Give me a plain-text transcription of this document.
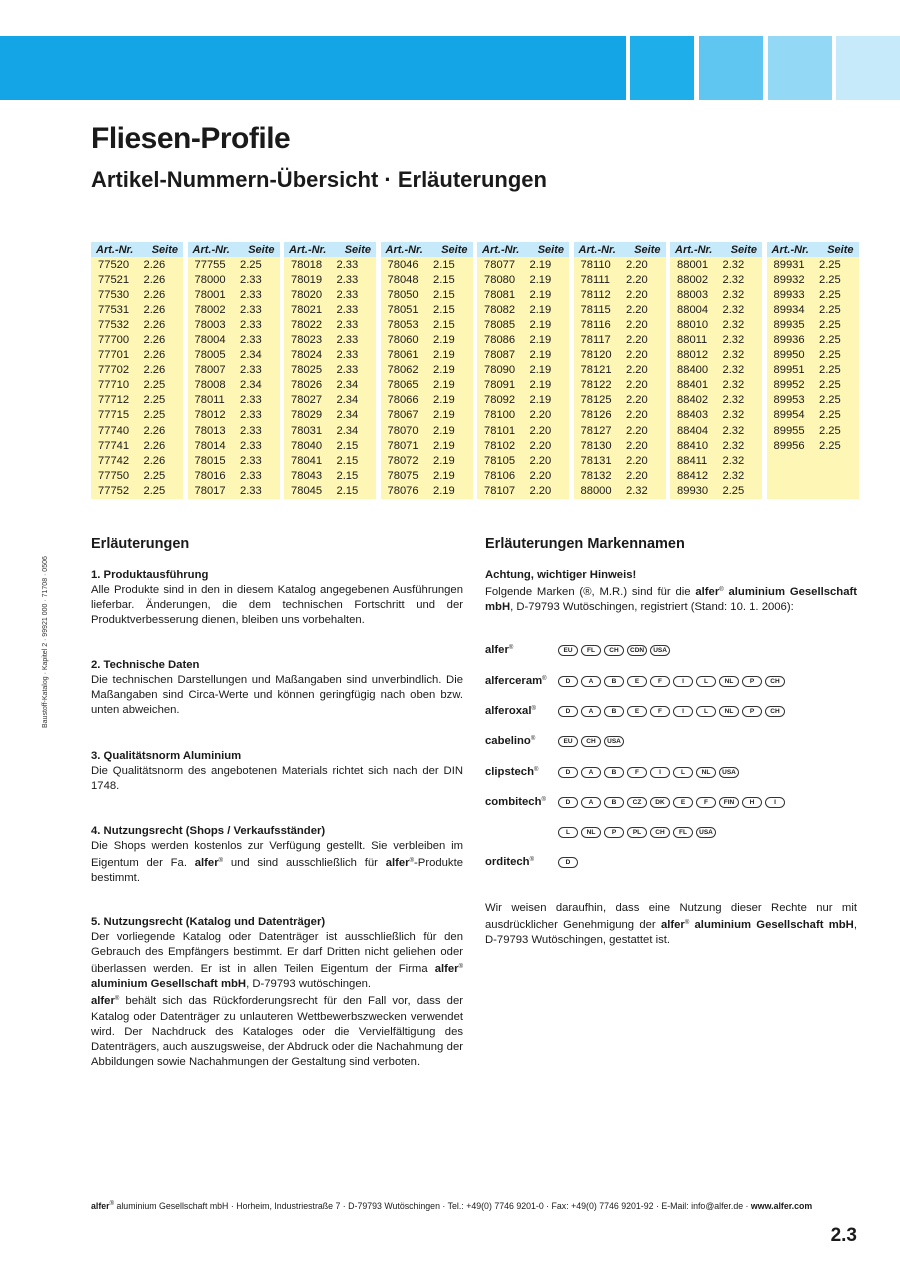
Fliesen-Profile
Artikel-Nummern-Übersicht · Erläuterungen
Art.-Nr. Seite
77520	2.26
77521	2.26
77530	2.26
77531	2.26
77532	2.26
77700	2.26
77701	2.26
77702	2.26
77710	2.25
77712	2.25
77715	2.25
77740	2.26
77741	2.26
77742	2.26
77750	2.25
77752	2.25
Art.-Nr. Seite
77755	2.25
78000	2.33
78001	2.33
78002	2.33
78003	2.33
78004	2.33
78005	2.34
78007	2.33
78008	2.34
78011	2.33
78012	2.33
78013	2.33
78014	2.33
78015	2.33
78016	2.33
78017	2.33
Art.-Nr. Seite
78018	2.33
78019	2.33
78020	2.33
78021	2.33
78022	2.33
78023	2.33
78024	2.33
78025	2.33
78026	2.34
78027	2.34
78029	2.34
78031	2.34
78040	2.15
78041	2.15
78043	2.15
78045	2.15
Art.-Nr. Seite
78046	2.15
78048	2.15
78050	2.15
78051	2.15
78053	2.15
78060	2.19
78061	2.19
78062	2.19
78065	2.19
78066	2.19
78067	2.19
78070	2.19
78071	2.19
78072	2.19
78075	2.19
78076	2.19
Art.-Nr. Seite
78077	2.19
78080	2.19
78081	2.19
78082	2.19
78085	2.19
78086	2.19
78087	2.19
78090	2.19
78091	2.19
78092	2.19
78100	2.20
78101	2.20
78102	2.20
78105	2.20
78106	2.20
78107	2.20
Art.-Nr. Seite
78110	2.20
78111	2.20
78112	2.20
78115	2.20
78116	2.20
78117	2.20
78120	2.20
78121	2.20
78122	2.20
78125	2.20
78126	2.20
78127	2.20
78130	2.20
78131	2.20
78132	2.20
88000	2.32
Art.-Nr. Seite
88001	2.32
88002	2.32
88003	2.32
88004	2.32
88010	2.32
88011	2.32
88012	2.32
88400	2.32
88401	2.32
88402	2.32
88403	2.32
88404	2.32
88410	2.32
88411	2.32
88412	2.32
89930	2.25
Art.-Nr. Seite
89931	2.25
89932	2.25
89933	2.25
89934	2.25
89935	2.25
89936	2.25
89950	2.25
89951	2.25
89952	2.25
89953	2.25
89954	2.25
89955	2.25
89956	2.25
Baustoff-Katalog · Kapitel 2 · 99921 000 · 71708 · 0506
Erläuterungen

1. Produktausführung

Alle Produkte sind in den in diesem Katalog angegebenen Ausführungen lieferbar. Änderungen, die dem technischen Fortschritt und der Produktverbesserung dienen, bleiben uns vorbehalten.

2. Technische Daten

Die technischen Darstellungen und Maßangaben sind unverbindlich. Die Maßangaben sind Circa-Werte und können geringfügig nach oben bzw. unten abweichen.

3. Qualitätsnorm Aluminium

Die Qualitätsnorm des angebotenen Materials richtet sich nach der DIN 1748.

4. Nutzungsrecht (Shops / Verkaufsständer)

Die Shops werden kostenlos zur Verfügung gestellt. Sie verbleiben im Eigentum der Fa. alfer® und sind ausschließlich für alfer®-Produkte bestimmt.

5. Nutzungsrecht (Katalog und Datenträger)

Der vorliegende Katalog oder Datenträger ist ausschließlich für den Gebrauch des Empfängers bestimmt. Er darf Dritten nicht geliehen oder überlassen werden. Er ist in allen Teilen Eigentum der Firma alfer® aluminium Gesellschaft mbH, D-79793 wutöschingen.

alfer® behält sich das Rückforderungsrecht für den Fall vor, dass der Katalog oder Datenträger zu unlauteren Wettbewerbszwecken verwendet wird. Der Nachdruck des Kataloges oder die Vervielfältigung des Datenträgers, auch auszugsweise, der Abdruck oder die Nachahmung der Abbildungen sowie Nachahmungen der Gestaltung sind verboten.

Erläuterungen Markennamen

Achtung, wichtiger Hinweis!

Folgende Marken (®, M.R.) sind für die alfer® aluminium Gesellschaft mbH, D-79793 Wutöschingen, registriert (Stand: 10. 1. 2006):

alfer®	EU	FL	CH	CDN	USA
alferceram®	D	A	B	E	F	I	L	NL	P	CH
alferoxal®	D	A	B	E	F	I	L	NL	P	CH
cabelino®	EU	CH	USA
clipstech®	D	A	B	F	I	L	NL	USA
combitech®	D	A	B	CZ	DK	E	F	FIN	H	I
L	NL	P	PL	CH	FL	USA
orditech®	D

Wir weisen daraufhin, dass eine Nutzung dieser Rechte nur mit ausdrücklicher Genehmigung der alfer® aluminium Gesellschaft mbH, D-79793 Wutöschingen, gestattet ist.

alfer® aluminium Gesellschaft mbH · Horheim, Industriestraße 7 · D-79793 Wutöschingen · Tel.: +49(0) 7746 9201-0 · Fax: +49(0) 7746 9201-92 · E-Mail: info@alfer.de · www.alfer.com
2.3
